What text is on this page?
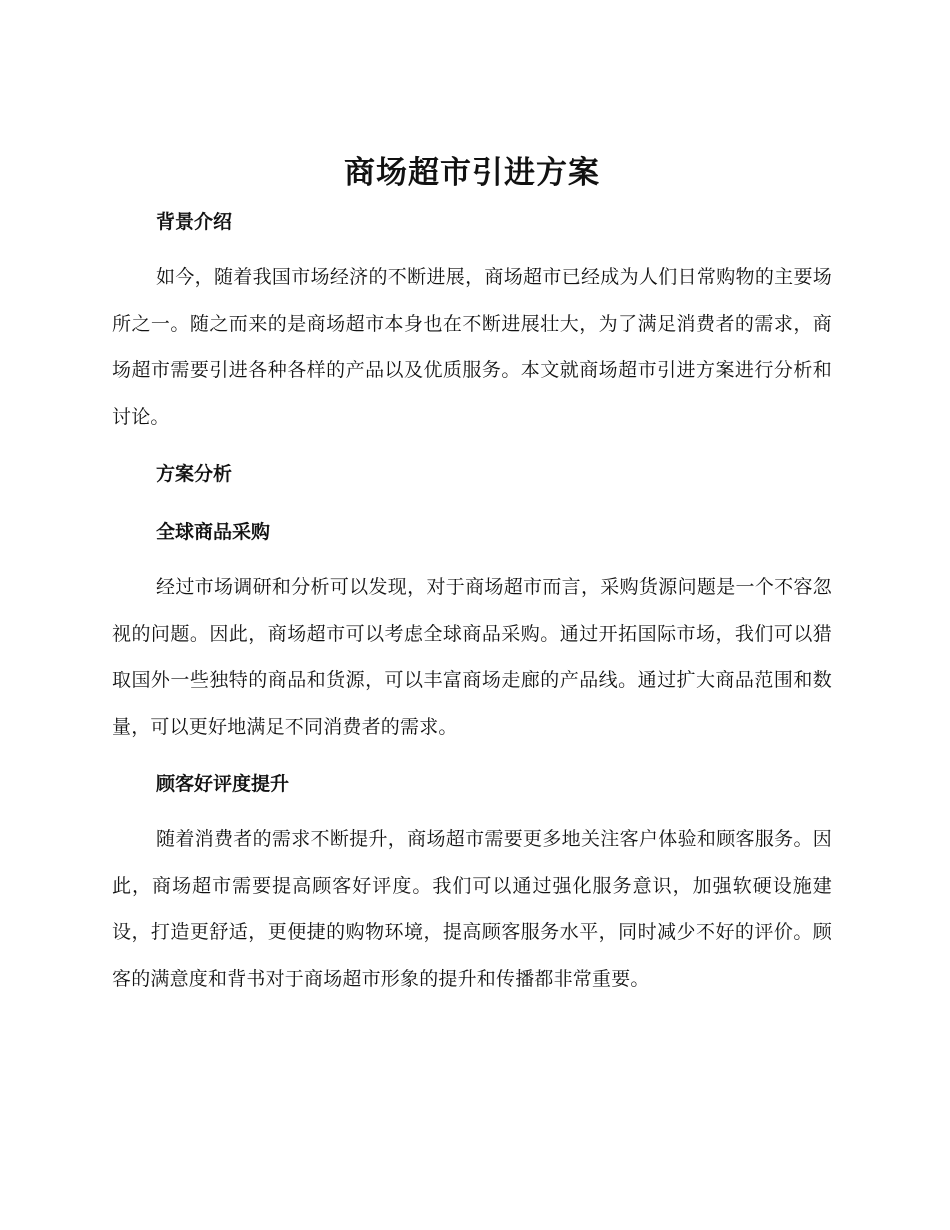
商场超市引进方案
背景介绍

如今，随着我国市场经济的不断进展，商场超市已经成为人们日常购物的主要场所之一。随之而来的是商场超市本身也在不断进展壮大，为了满足消费者的需求，商场超市需要引进各种各样的产品以及优质服务。本文就商场超市引进方案进行分析和讨论。

方案分析
全球商品采购

经过市场调研和分析可以发现，对于商场超市而言，采购货源问题是一个不容忽视的问题。因此，商场超市可以考虑全球商品采购。通过开拓国际市场，我们可以猎取国外一些独特的商品和货源，可以丰富商场走廊的产品线。通过扩大商品范围和数量，可以更好地满足不同消费者的需求。

顾客好评度提升

随着消费者的需求不断提升，商场超市需要更多地关注客户体验和顾客服务。因此，商场超市需要提高顾客好评度。我们可以通过强化服务意识，加强软硬设施建设，打造更舒适，更便捷的购物环境，提高顾客服务水平，同时减少不好的评价。顾客的满意度和背书对于商场超市形象的提升和传播都非常重要。
